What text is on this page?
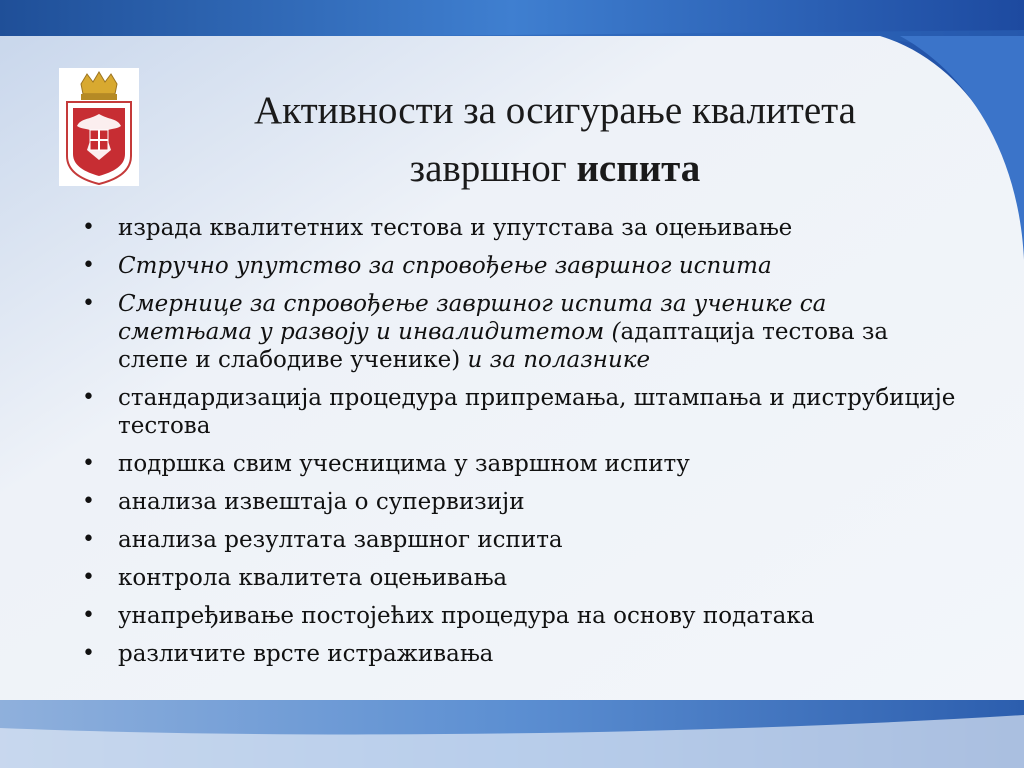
Активности за осигурање квалитета
завршног испита
• израда квалитетних тестова и упутстава за оцењивање
• Стручно упутство за спровођење завршног испита
• Смернице за спровођење завршног испита за ученике са сметњама у развоју и инвалидитетом (адаптација тестова за слепе и слабодиве ученике) и за полазнике
• стандардизација процедура припремања, штампања и диструбиције тестова
• подршка свим учесницима у завршном испиту
• анализа извештаја о супервизији
• анализа резултата завршног испита
• контрола квалитета оцењивања
• унапређивање постојећих процедура на основу података
• различите врсте истраживања
